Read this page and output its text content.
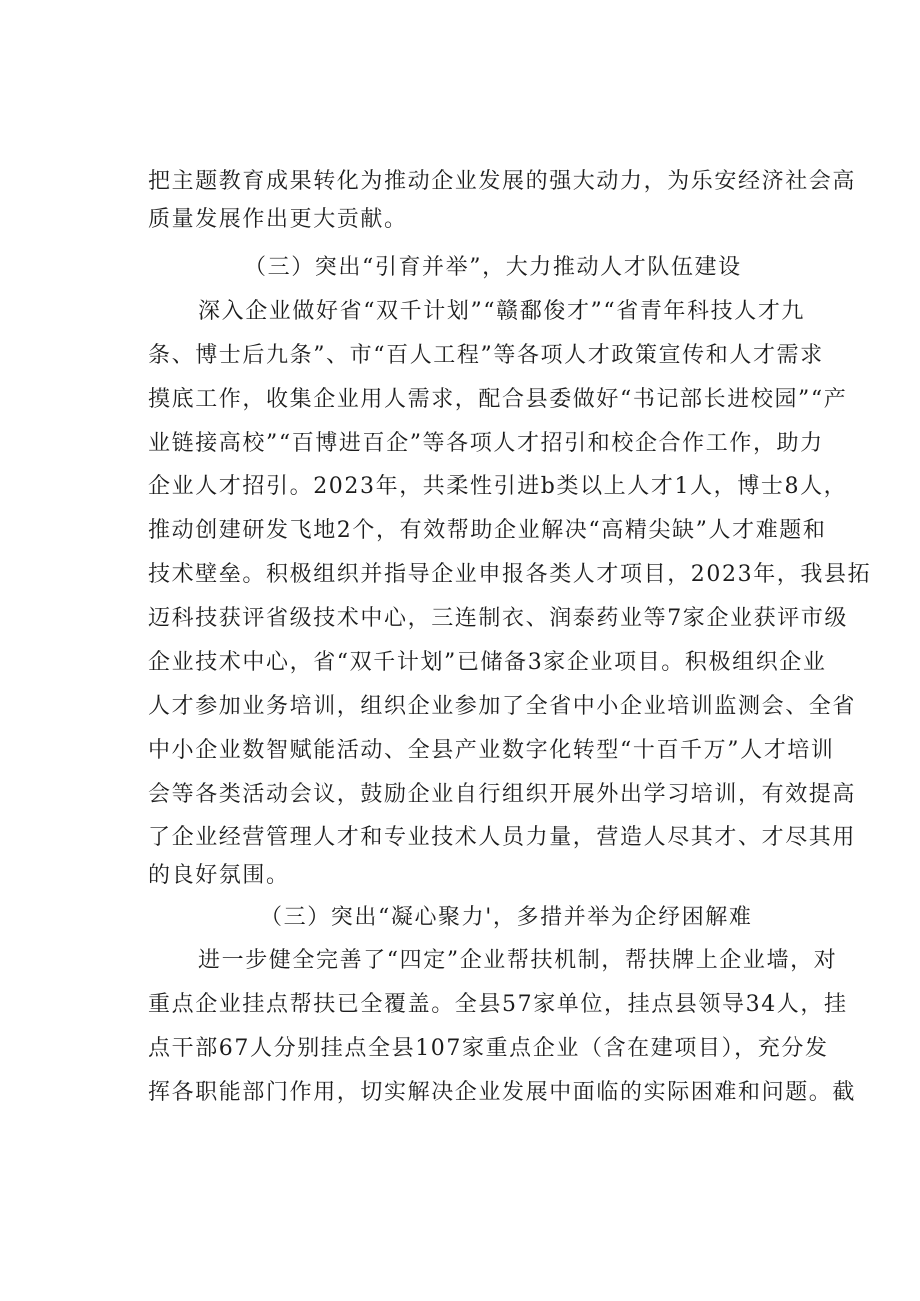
把主题教育成果转化为推动企业发展的强大动力，为乐安经济社会高
质量发展作出更大贡献。
（三）突出“引育并举”，大力推动人才队伍建设
深入企业做好省“双千计划”“赣鄱俊才”“省青年科技人才九
条、博士后九条”、市“百人工程”等各项人才政策宣传和人才需求
摸底工作，收集企业用人需求，配合县委做好“书记部长进校园”“产
业链接高校”“百博进百企”等各项人才招引和校企合作工作，助力
企业人才招引。2023年，共柔性引进b类以上人才1人，博士8人，
推动创建研发飞地2个，有效帮助企业解决“高精尖缺”人才难题和
技术壁垒。积极组织并指导企业申报各类人才项目，2023年，我县拓
迈科技获评省级技术中心，三连制衣、润泰药业等7家企业获评市级
企业技术中心，省“双千计划”已储备3家企业项目。积极组织企业
人才参加业务培训，组织企业参加了全省中小企业培训监测会、全省
中小企业数智赋能活动、全县产业数字化转型“十百千万”人才培训
会等各类活动会议，鼓励企业自行组织开展外出学习培训，有效提高
了企业经营管理人才和专业技术人员力量，营造人尽其才、才尽其用
的良好氛围。
（三）突出“凝心聚力'，多措并举为企纾困解难
进一步健全完善了“四定”企业帮扶机制，帮扶牌上企业墙，对
重点企业挂点帮扶已全覆盖。全县57家单位，挂点县领导34人，挂
点干部67人分别挂点全县107家重点企业（含在建项目），充分发
挥各职能部门作用，切实解决企业发展中面临的实际困难和问题。截
